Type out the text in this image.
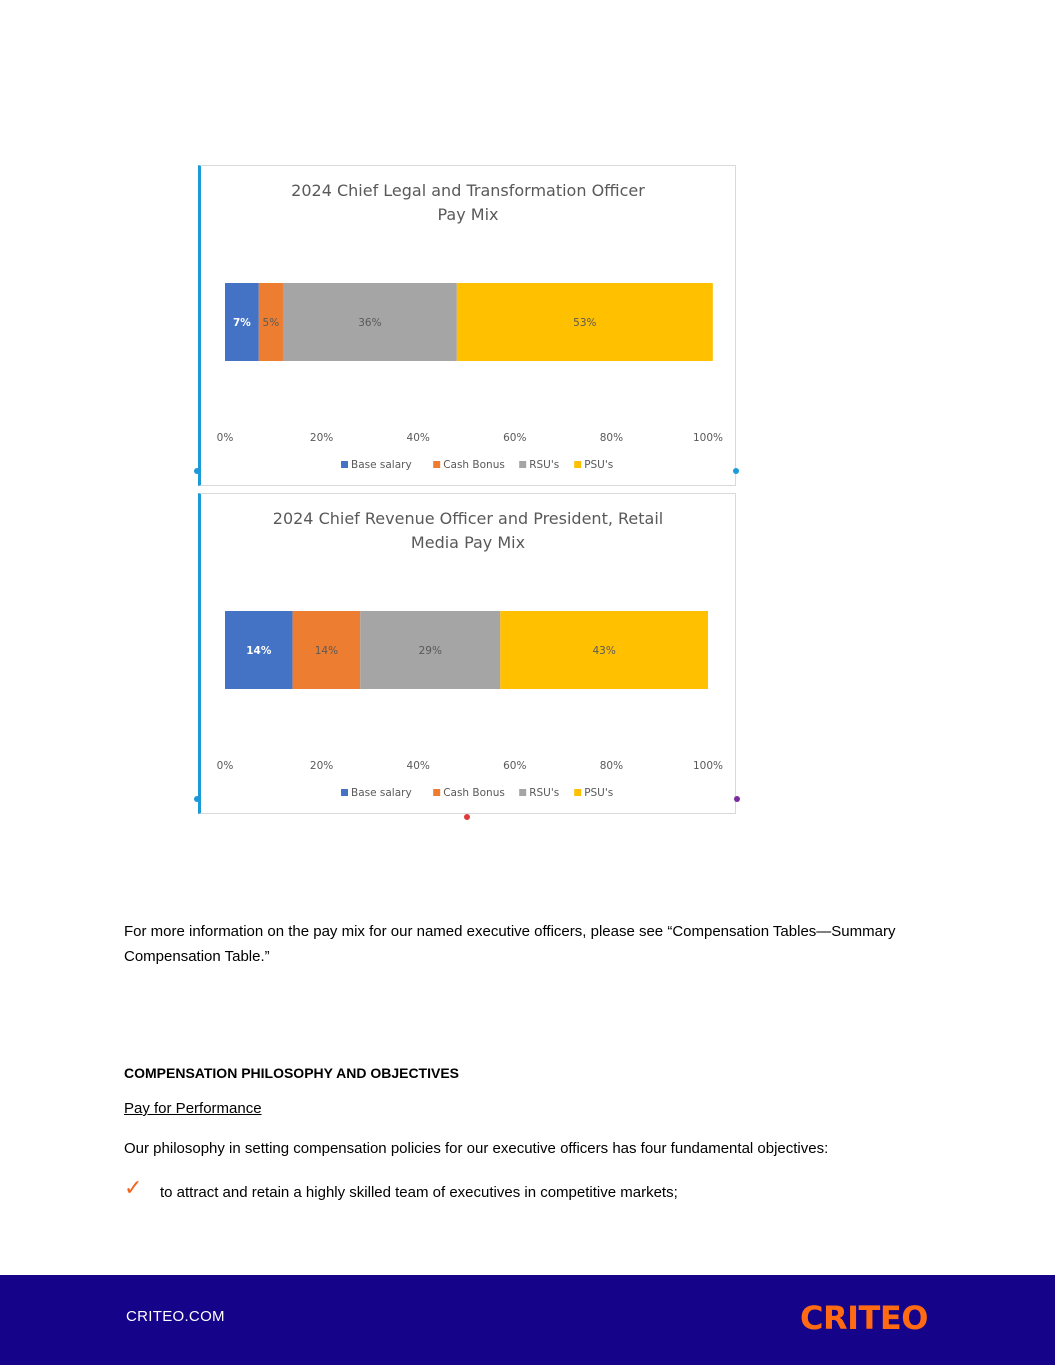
2024 Chief Legal and Transformation Officer
Pay Mix
7% 5%	36%	53%
0%	20%	40%	60%	80%	100%
Base salary	Cash Bonus RSU's PSU's
2024 Chief Revenue Officer and President, Retail
Media Pay Mix
14%	14%	29%	43%
0%	20%	40%	60%	80%	100%
Base salary	Cash Bonus RSU's PSU's
For more information on the pay mix for our named executive officers, please see “Compensation Tables—Summary Compensation Table.”
COMPENSATION PHILOSOPHY AND OBJECTIVES
Pay for Performance
Our philosophy in setting compensation policies for our executive officers has four fundamental objectives:
✓ to attract and retain a highly skilled team of executives in competitive markets;
CRITEO.COM	CRITEO
